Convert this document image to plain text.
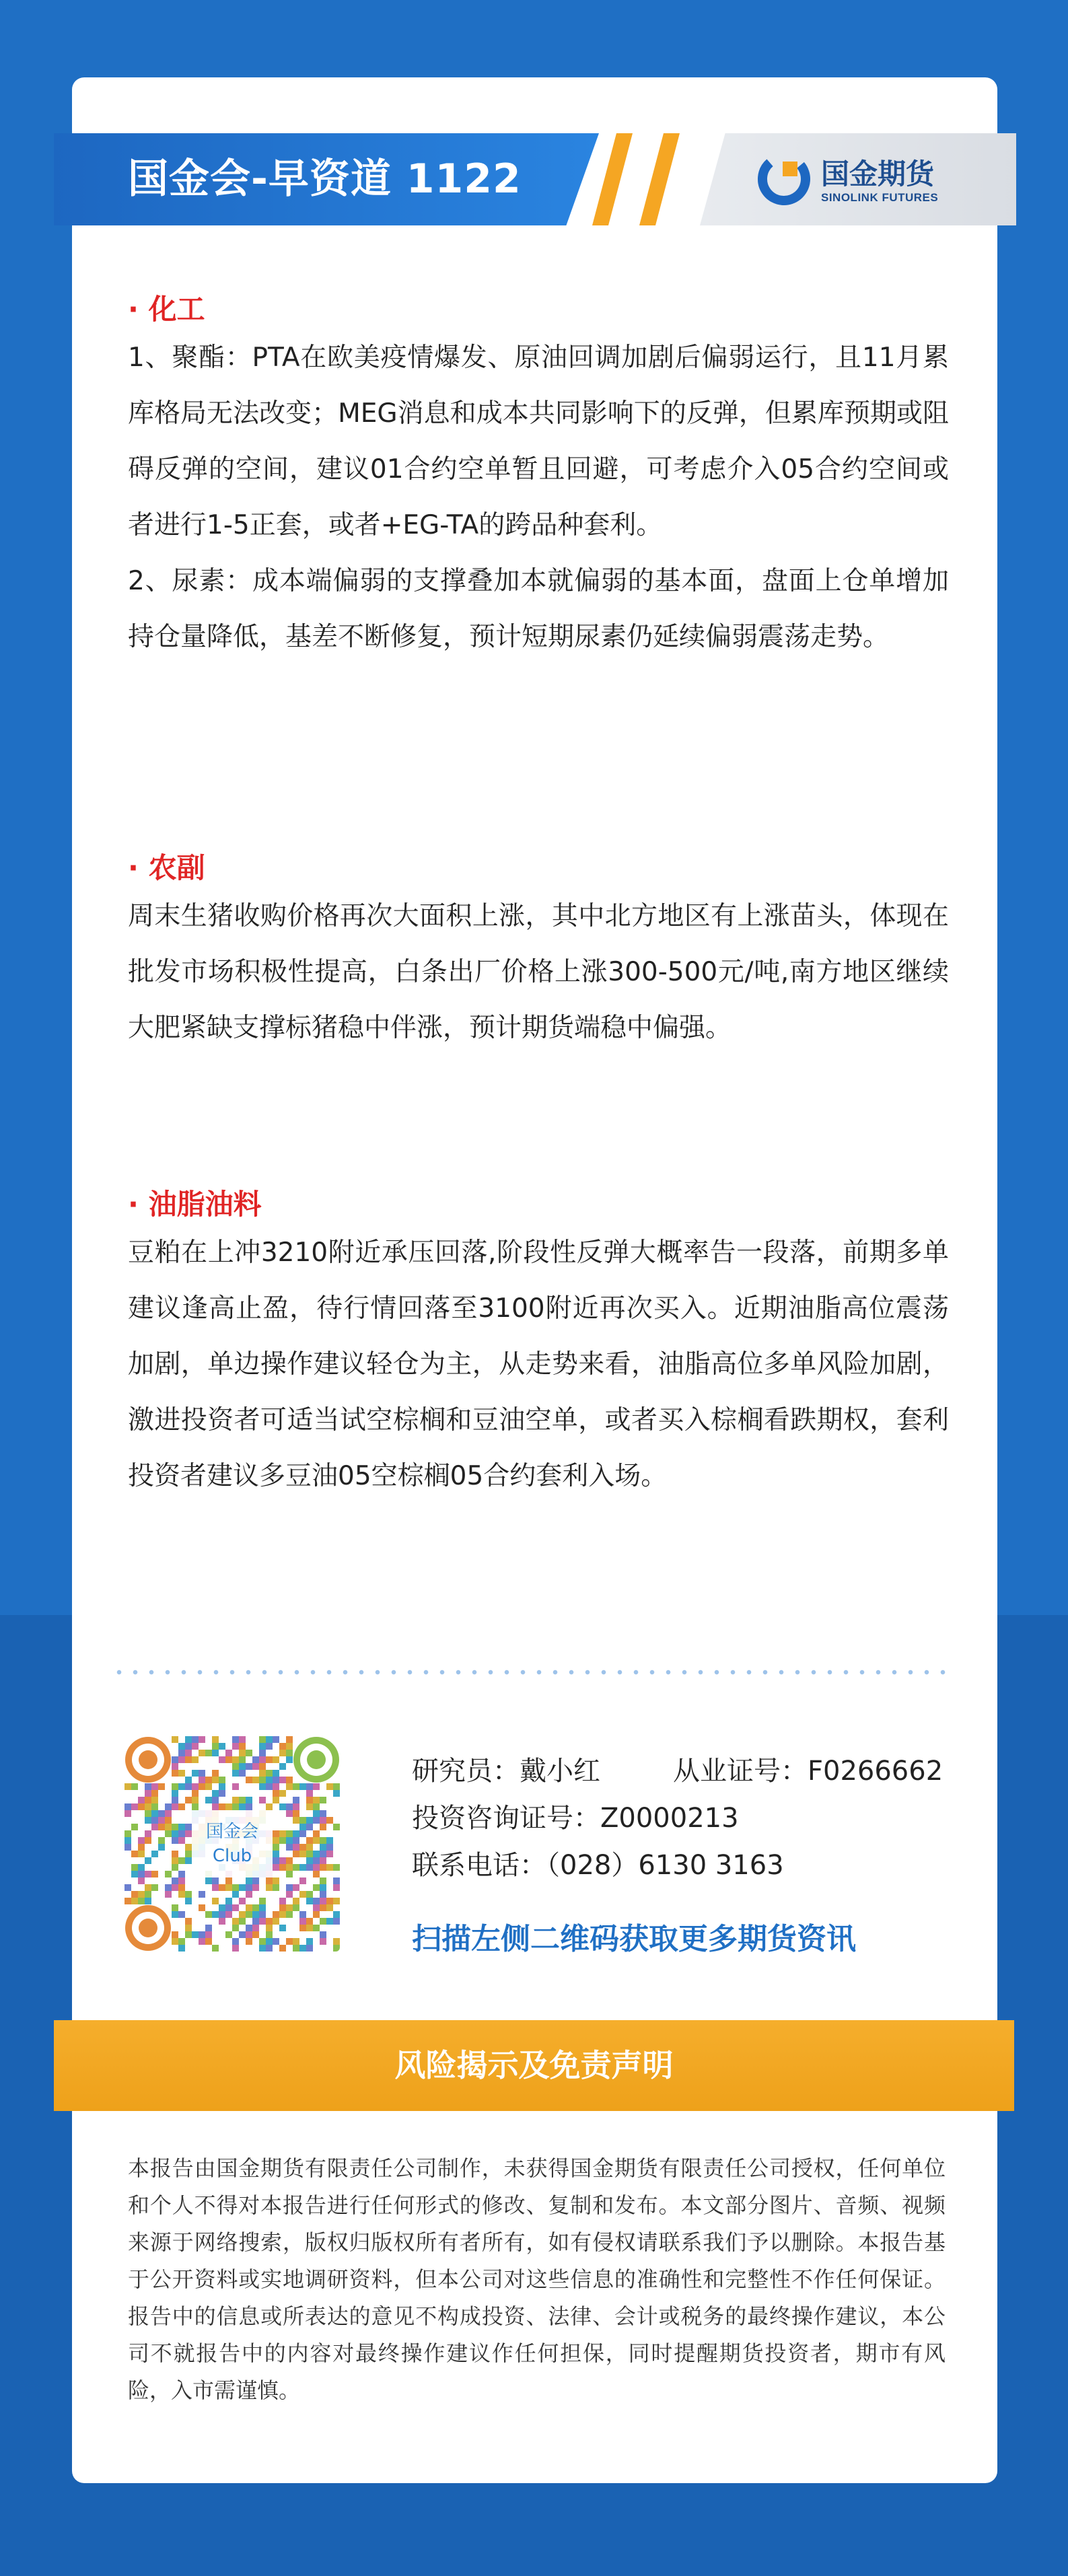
国金会-早资道 1122	国金期货
SINOLINK FUTURES
· 化工
1、聚酯：PTA在欧美疫情爆发、原油回调加剧后偏弱运行，且11月累库格局无法改变；MEG消息和成本共同影响下的反弹，但累库预期或阻碍反弹的空间，建议01合约空单暂且回避，可考虑介入05合约空间或者进行1-5正套，或者+EG-TA的跨品种套利。
2、尿素：成本端偏弱的支撑叠加本就偏弱的基本面，盘面上仓单增加持仓量降低，基差不断修复，预计短期尿素仍延续偏弱震荡走势。
· 农副
周末生猪收购价格再次大面积上涨，其中北方地区有上涨苗头，体现在批发市场积极性提高，白条出厂价格上涨300-500元/吨,南方地区继续大肥紧缺支撑标猪稳中伴涨，预计期货端稳中偏强。
· 油脂油料
豆粕在上冲3210附近承压回落,阶段性反弹大概率告一段落，前期多单建议逢高止盈，待行情回落至3100附近再次买入。近期油脂高位震荡加剧，单边操作建议轻仓为主，从走势来看，油脂高位多单风险加剧，激进投资者可适当试空棕榈和豆油空单，或者买入棕榈看跌期权，套利投资者建议多豆油05空棕榈05合约套利入场。
国金会
Club
研究员：戴小红	从业证号：F0266662
投资咨询证号：Z0000213
联系电话：（028）6130 3163
扫描左侧二维码获取更多期货资讯
风险揭示及免责声明
本报告由国金期货有限责任公司制作，未获得国金期货有限责任公司授权，任何单位和个人不得对本报告进行任何形式的修改、复制和发布。本文部分图片、音频、视频来源于网络搜索，版权归版权所有者所有，如有侵权请联系我们予以删除。本报告基于公开资料或实地调研资料，但本公司对这些信息的准确性和完整性不作任何保证。报告中的信息或所表达的意见不构成投资、法律、会计或税务的最终操作建议，本公司不就报告中的内容对最终操作建议作任何担保，同时提醒期货投资者，期市有风险，入市需谨慎。
